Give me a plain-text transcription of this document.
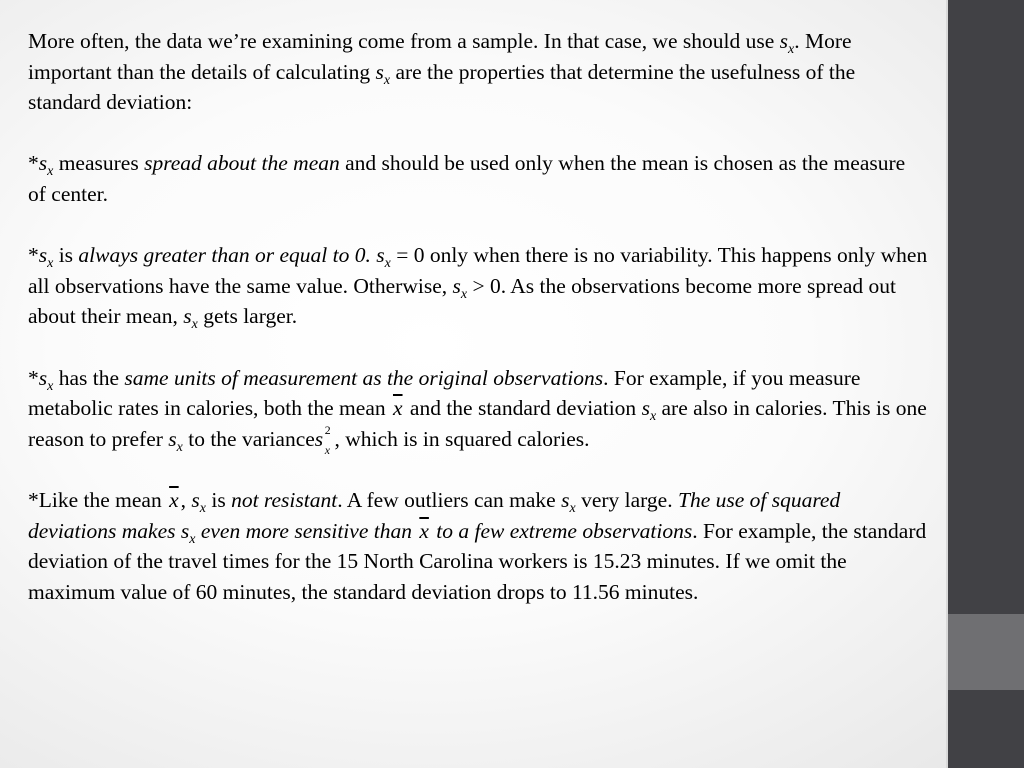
More often, the data we’re examining come from a sample. In that case, we should use $s_x$. More important than the details of calculating $s_x$ are the properties that determine the usefulness of the standard deviation:

$*s_x$ measures spread about the mean and should be used only when the mean is chosen as the measure of center.

$*s_x$ is always greater than or equal to 0. $s_x = 0$ only when there is no variability. This happens only when all observations have the same value. Otherwise, $s_x > 0$. As the observations become more spread out about their mean, $s_x$ gets larger.

$*s_x$ has the same units of measurement as the original observations. For example, if you measure metabolic rates in calories, both the mean $\overline{x}$ and the standard deviation $s_x$ are also in calories. This is one reason to prefer $s_x$ to the variances 2
x , which is in squared calories.

*Like the mean $\overline{x}$, $s_x$ is not resistant. A few outliers can make $s_x$ very large. The use of squared deviations makes $s_x$ even more sensitive than $\overline{x}$ to a few extreme observations. For example, the standard deviation of the travel times for the 15 North Carolina workers is 15.23 minutes. If we omit the maximum value of 60 minutes, the standard deviation drops to 11.56 minutes.
